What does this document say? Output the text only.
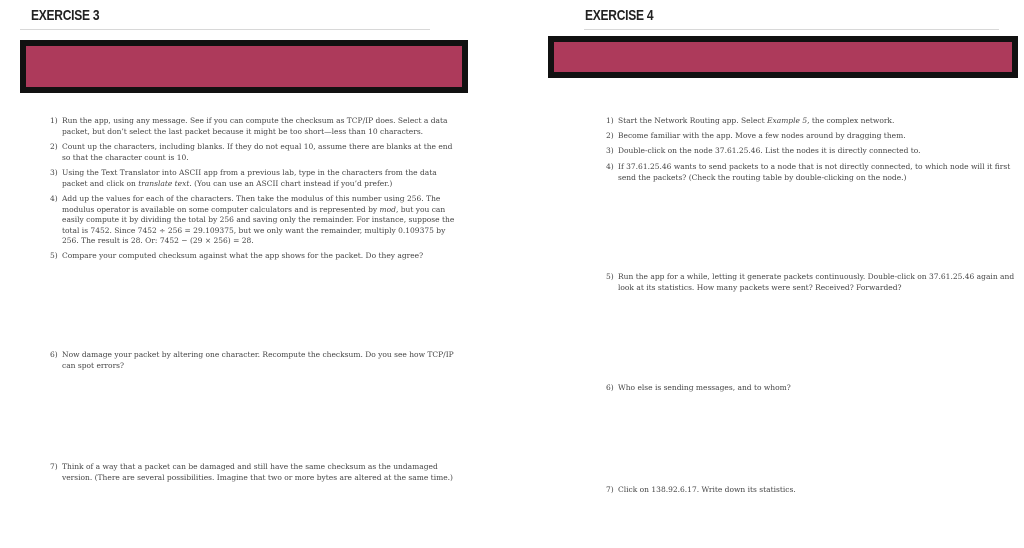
EXERCISE 3
1) Run the app, using any message. See if you can compute the checksum as TCP/IP does. Select a data packet, but don’t select the last packet because it might be too short—less than 10 characters.
2) Count up the characters, including blanks. If they do not equal 10, assume there are blanks at the end so that the character count is 10.
3) Using the Text Translator into ASCII app from a previous lab, type in the characters from the data packet and click on translate text. (You can use an ASCII chart instead if you’d prefer.)
4) Add up the values for each of the characters. Then take the modulus of this number using 256. The modulus operator is available on some computer calculators and is represented by mod, but you can easily compute it by dividing the total by 256 and saving only the remainder. For instance, suppose the total is 7452. Since 7452 ÷ 256 = 29.109375, but we only want the remainder, multiply 0.109375 by 256. The result is 28. Or: 7452 − (29 × 256) = 28.
5) Compare your computed checksum against what the app shows for the packet. Do they agree?
6) Now damage your packet by altering one character. Recompute the checksum. Do you see how TCP/IP can spot errors?
7) Think of a way that a packet can be damaged and still have the same checksum as the undamaged version. (There are several possibilities. Imagine that two or more bytes are altered at the same time.)
EXERCISE 4
1) Start the Network Routing app. Select Example 5, the complex network.
2) Become familiar with the app. Move a few nodes around by dragging them.
3) Double-click on the node 37.61.25.46. List the nodes it is directly connected to.
4) If 37.61.25.46 wants to send packets to a node that is not directly connected, to which node will it first send the packets? (Check the routing table by double-clicking on the node.)
5) Run the app for a while, letting it generate packets continuously. Double-click on 37.61.25.46 again and look at its statistics. How many packets were sent? Received? Forwarded?
6) Who else is sending messages, and to whom?
7) Click on 138.92.6.17. Write down its statistics.
